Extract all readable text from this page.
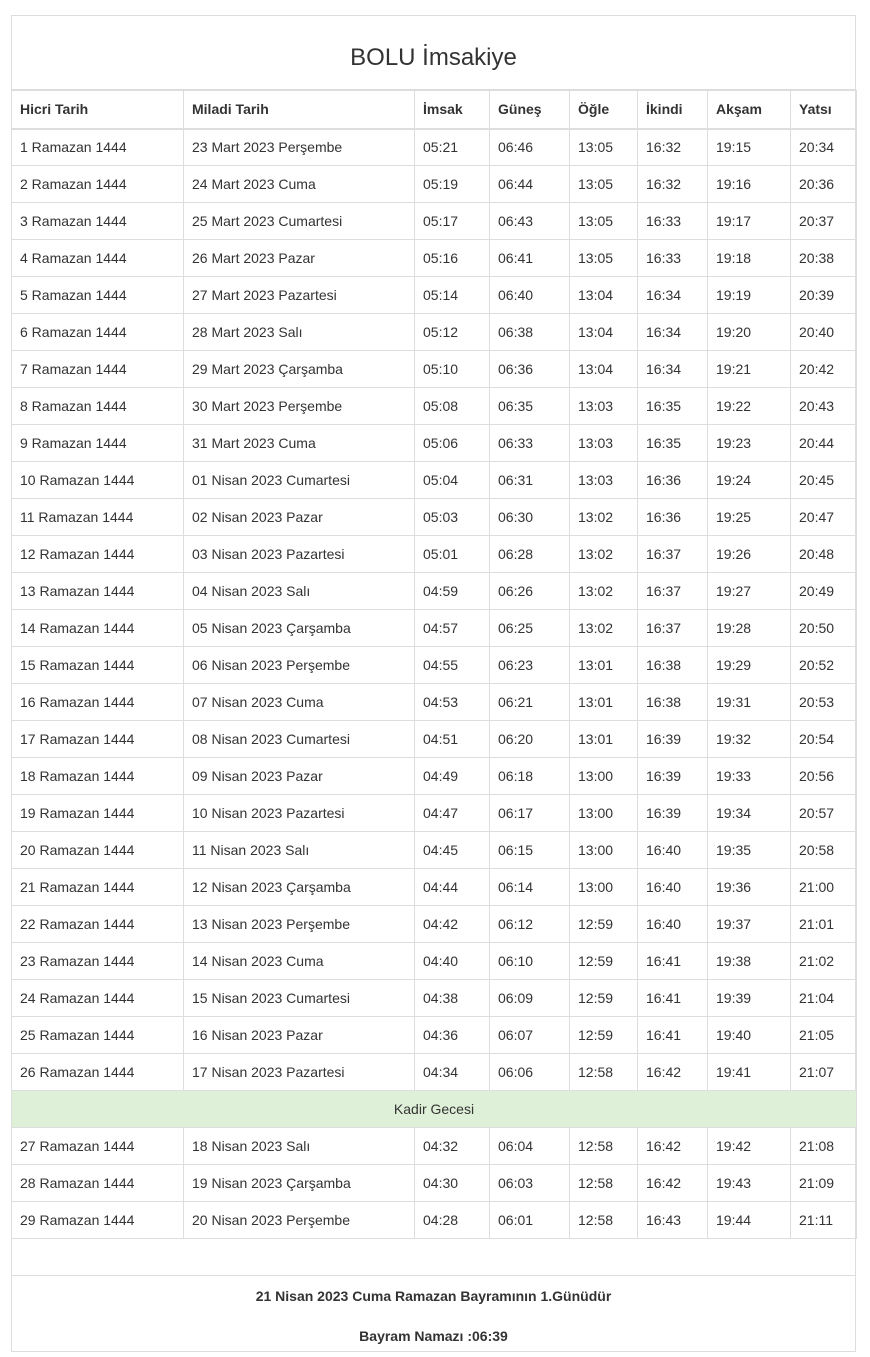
BOLU İmsakiye
Hicri Tarih	Miladi Tarih	İmsak	Güneş	Öğle	İkindi	Akşam	Yatsı
1 Ramazan 1444	23 Mart 2023 Perşembe	05:21	06:46	13:05	16:32	19:15	20:34
2 Ramazan 1444	24 Mart 2023 Cuma	05:19	06:44	13:05	16:32	19:16	20:36
3 Ramazan 1444	25 Mart 2023 Cumartesi	05:17	06:43	13:05	16:33	19:17	20:37
4 Ramazan 1444	26 Mart 2023 Pazar	05:16	06:41	13:05	16:33	19:18	20:38
5 Ramazan 1444	27 Mart 2023 Pazartesi	05:14	06:40	13:04	16:34	19:19	20:39
6 Ramazan 1444	28 Mart 2023 Salı	05:12	06:38	13:04	16:34	19:20	20:40
7 Ramazan 1444	29 Mart 2023 Çarşamba	05:10	06:36	13:04	16:34	19:21	20:42
8 Ramazan 1444	30 Mart 2023 Perşembe	05:08	06:35	13:03	16:35	19:22	20:43
9 Ramazan 1444	31 Mart 2023 Cuma	05:06	06:33	13:03	16:35	19:23	20:44
10 Ramazan 1444	01 Nisan 2023 Cumartesi	05:04	06:31	13:03	16:36	19:24	20:45
11 Ramazan 1444	02 Nisan 2023 Pazar	05:03	06:30	13:02	16:36	19:25	20:47
12 Ramazan 1444	03 Nisan 2023 Pazartesi	05:01	06:28	13:02	16:37	19:26	20:48
13 Ramazan 1444	04 Nisan 2023 Salı	04:59	06:26	13:02	16:37	19:27	20:49
14 Ramazan 1444	05 Nisan 2023 Çarşamba	04:57	06:25	13:02	16:37	19:28	20:50
15 Ramazan 1444	06 Nisan 2023 Perşembe	04:55	06:23	13:01	16:38	19:29	20:52
16 Ramazan 1444	07 Nisan 2023 Cuma	04:53	06:21	13:01	16:38	19:31	20:53
17 Ramazan 1444	08 Nisan 2023 Cumartesi	04:51	06:20	13:01	16:39	19:32	20:54
18 Ramazan 1444	09 Nisan 2023 Pazar	04:49	06:18	13:00	16:39	19:33	20:56
19 Ramazan 1444	10 Nisan 2023 Pazartesi	04:47	06:17	13:00	16:39	19:34	20:57
20 Ramazan 1444	11 Nisan 2023 Salı	04:45	06:15	13:00	16:40	19:35	20:58
21 Ramazan 1444	12 Nisan 2023 Çarşamba	04:44	06:14	13:00	16:40	19:36	21:00
22 Ramazan 1444	13 Nisan 2023 Perşembe	04:42	06:12	12:59	16:40	19:37	21:01
23 Ramazan 1444	14 Nisan 2023 Cuma	04:40	06:10	12:59	16:41	19:38	21:02
24 Ramazan 1444	15 Nisan 2023 Cumartesi	04:38	06:09	12:59	16:41	19:39	21:04
25 Ramazan 1444	16 Nisan 2023 Pazar	04:36	06:07	12:59	16:41	19:40	21:05
26 Ramazan 1444	17 Nisan 2023 Pazartesi	04:34	06:06	12:58	16:42	19:41	21:07
Kadir Gecesi							
27 Ramazan 1444	18 Nisan 2023 Salı	04:32	06:04	12:58	16:42	19:42	21:08
28 Ramazan 1444	19 Nisan 2023 Çarşamba	04:30	06:03	12:58	16:42	19:43	21:09
29 Ramazan 1444	20 Nisan 2023 Perşembe	04:28	06:01	12:58	16:43	19:44	21:11
21 Nisan 2023 Cuma Ramazan Bayramının 1.Günüdür
Bayram Namazı :06:39
